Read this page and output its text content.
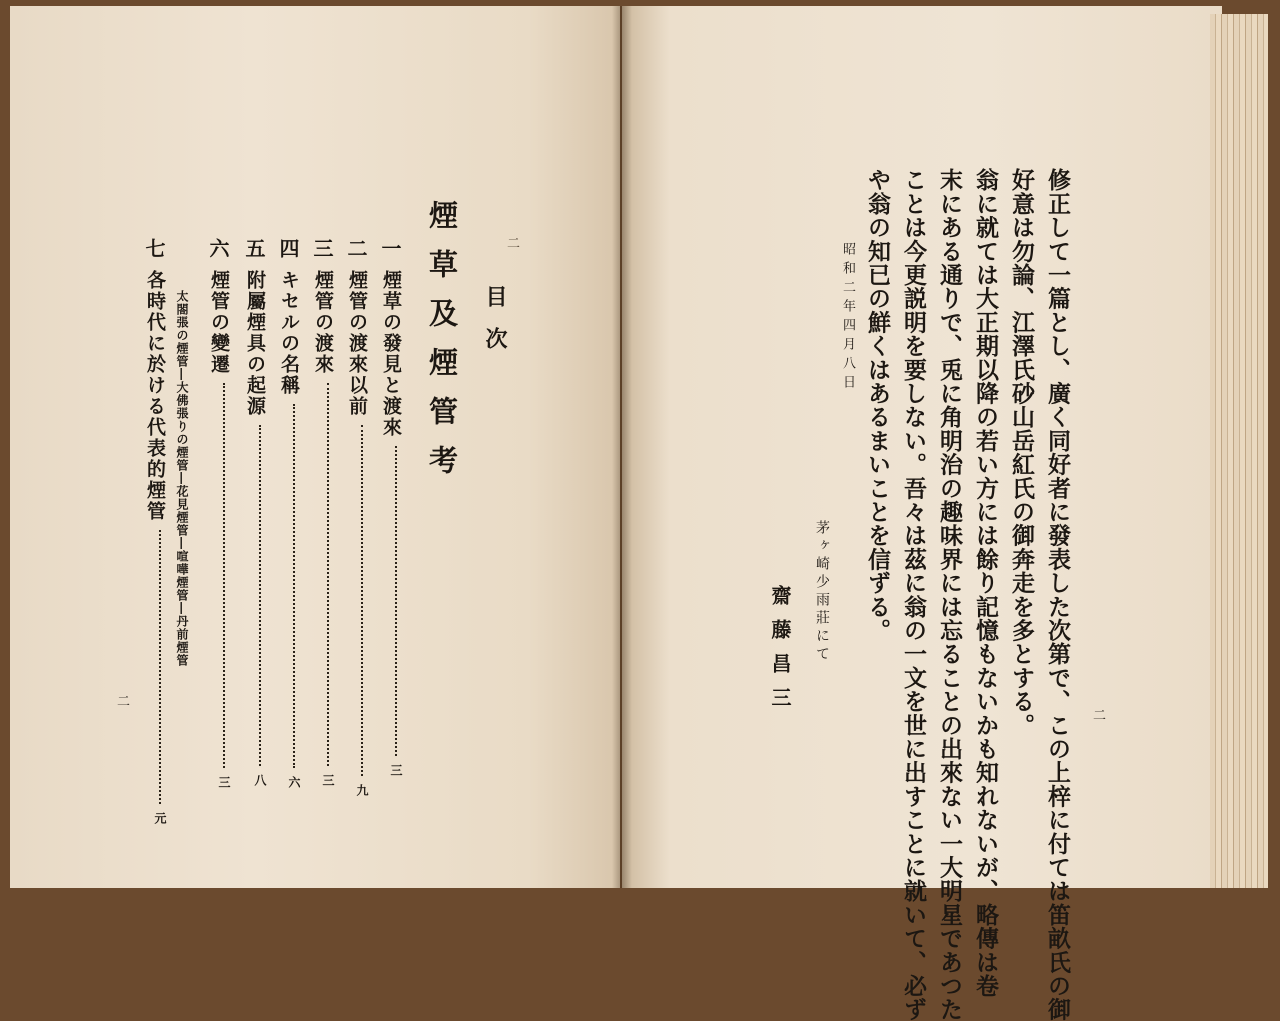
修正して一篇とし、廣く同好者に發表した次第で、この上梓に付ては笛畝氏の御
好意は勿論、江澤氏砂山岳紅氏の御奔走を多とする。
翁に就ては大正期以降の若い方には餘り記憶もないかも知れないが、略傳は卷
末にある通りで、兎に角明治の趣味界には忘ることの出來ない一大明星であつた
ことは今更説明を要しない。吾々は茲に翁の一文を世に出すことに就いて、必ず
や翁の知已の鮮くはあるまいことを信ずる。
昭和二年四月八日
茅ヶ崎少雨莊にて
齋藤昌三	二
二
目次
煙草及煙管考
一
煙草の發見と渡來
三
二
煙管の渡來以前
九
三
煙管の渡來
三
四
キセルの名稱
六
五
附屬煙具の起源
八
六
煙管の變遷
三
太閤張の煙管―大佛張りの煙管―花見煙管―喧嘩煙管―丹前煙管
七
各時代に於ける代表的煙管
元
二
